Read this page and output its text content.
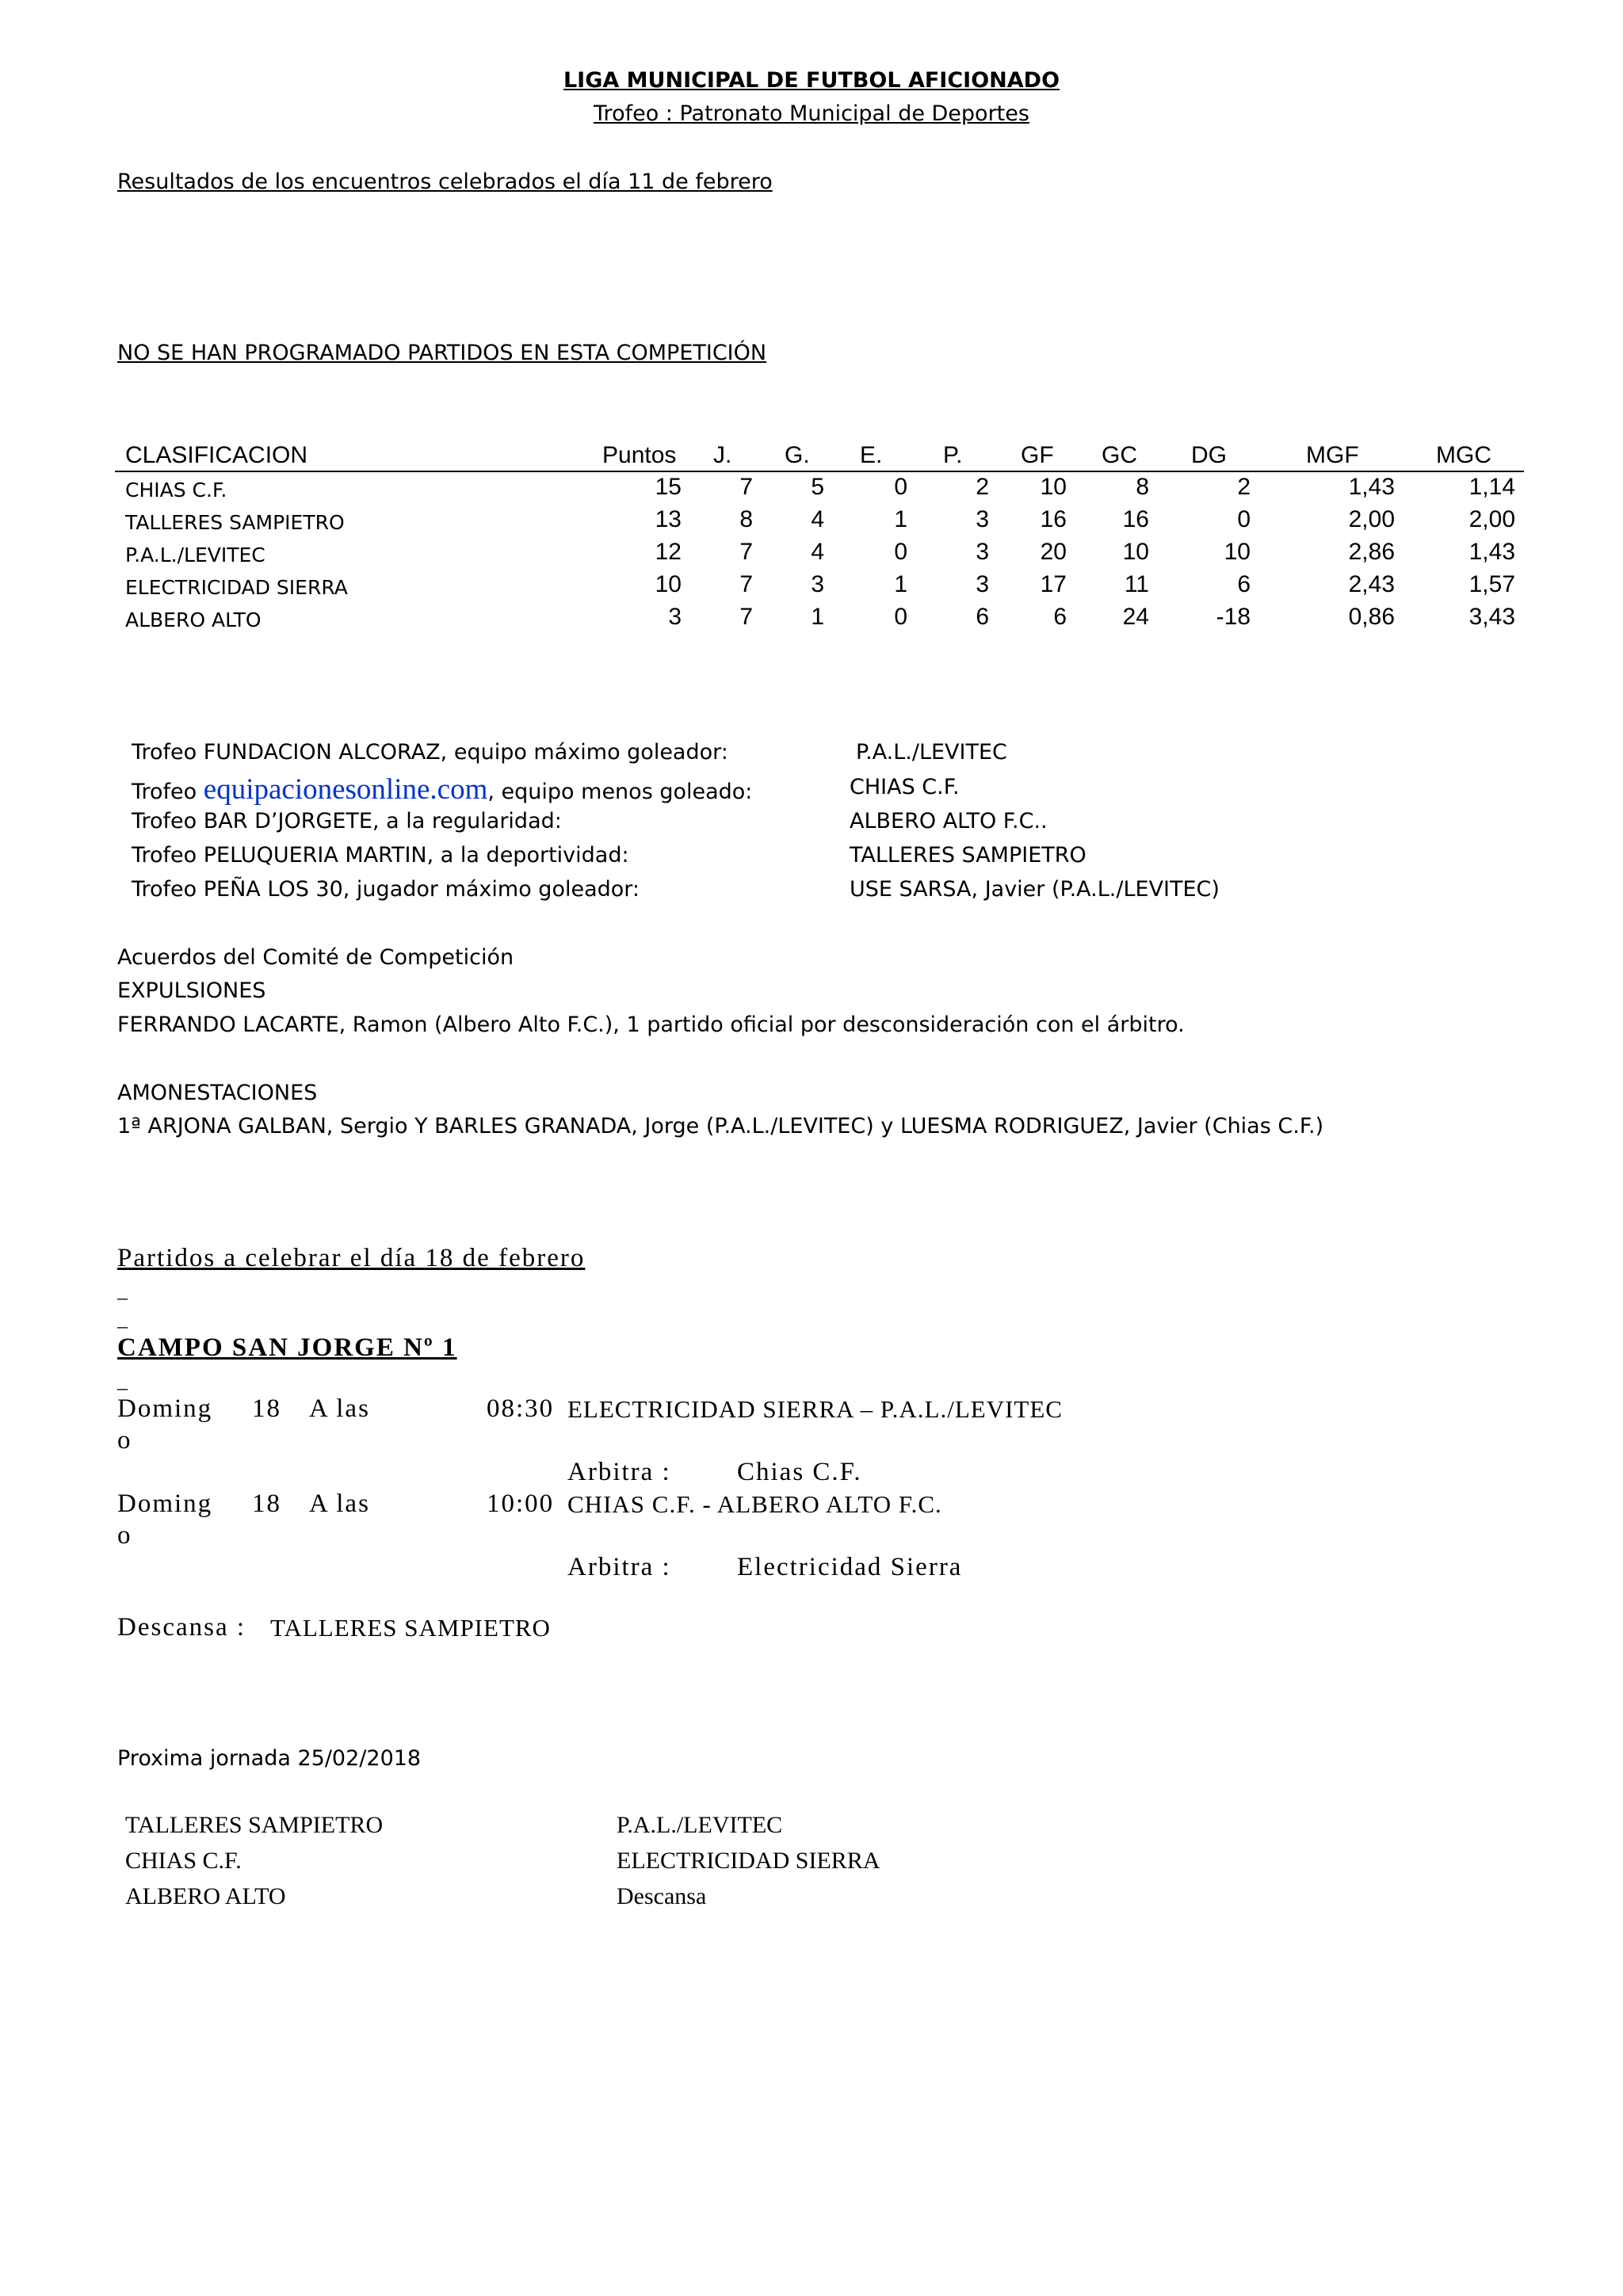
LIGA MUNICIPAL DE FUTBOL AFICIONADO
Trofeo : Patronato Municipal de Deportes
Resultados de los encuentros celebrados el día 11 de febrero
NO SE HAN PROGRAMADO PARTIDOS EN ESTA COMPETICIÓN
CLASIFICACION	Puntos J. G. E.	P. GF GC DG	MGF	MGC
CHIAS C.F.	15	7	5	0	2	10	8	2	1,43	1,14
TALLERES SAMPIETRO	13	8	4	1	3	16	16	0	2,00	2,00
P.A.L./LEVITEC	12	7	4	0	3	20	10	10	2,86	1,43
ELECTRICIDAD SIERRA	10	7	3	1	3	17	11	6	2,43	1,57
ALBERO ALTO	3	7	1	0	6	6	24	-18	0,86	3,43
Trofeo FUNDACION ALCORAZ, equipo máximo goleador:	P.A.L./LEVITEC
Trofeo equipacionesonline.com, equipo menos goleado:	CHIAS C.F.
Trofeo BAR D’JORGETE, a la regularidad:	ALBERO ALTO F.C..
Trofeo PELUQUERIA MARTIN, a la deportividad:	TALLERES SAMPIETRO
Trofeo PEÑA LOS 30, jugador máximo goleador:	USE SARSA, Javier (P.A.L./LEVITEC)
Acuerdos del Comité de Competición
EXPULSIONES
FERRANDO LACARTE, Ramon (Albero Alto F.C.), 1 partido oficial por desconsideración con el árbitro.
AMONESTACIONES
1ª ARJONA GALBAN, Sergio Y BARLES GRANADA, Jorge (P.A.L./LEVITEC) y LUESMA RODRIGUEZ, Javier (Chias C.F.)
Partidos a celebrar el día 18 de febrero
_
_
CAMPO SAN JORGE Nº 1
_
Doming
o
18 A las	08:30 ELECTRICIDAD SIERRA – P.A.L./LEVITEC
Arbitra :	Chias C.F.
Doming
o
18 A las	10:00 CHIAS C.F. - ALBERO ALTO F.C.
Arbitra :	Electricidad Sierra
Descansa : TALLERES SAMPIETRO
Proxima jornada 25/02/2018
TALLERES SAMPIETRO	P.A.L./LEVITEC
CHIAS C.F.	ELECTRICIDAD SIERRA
ALBERO ALTO	Descansa
